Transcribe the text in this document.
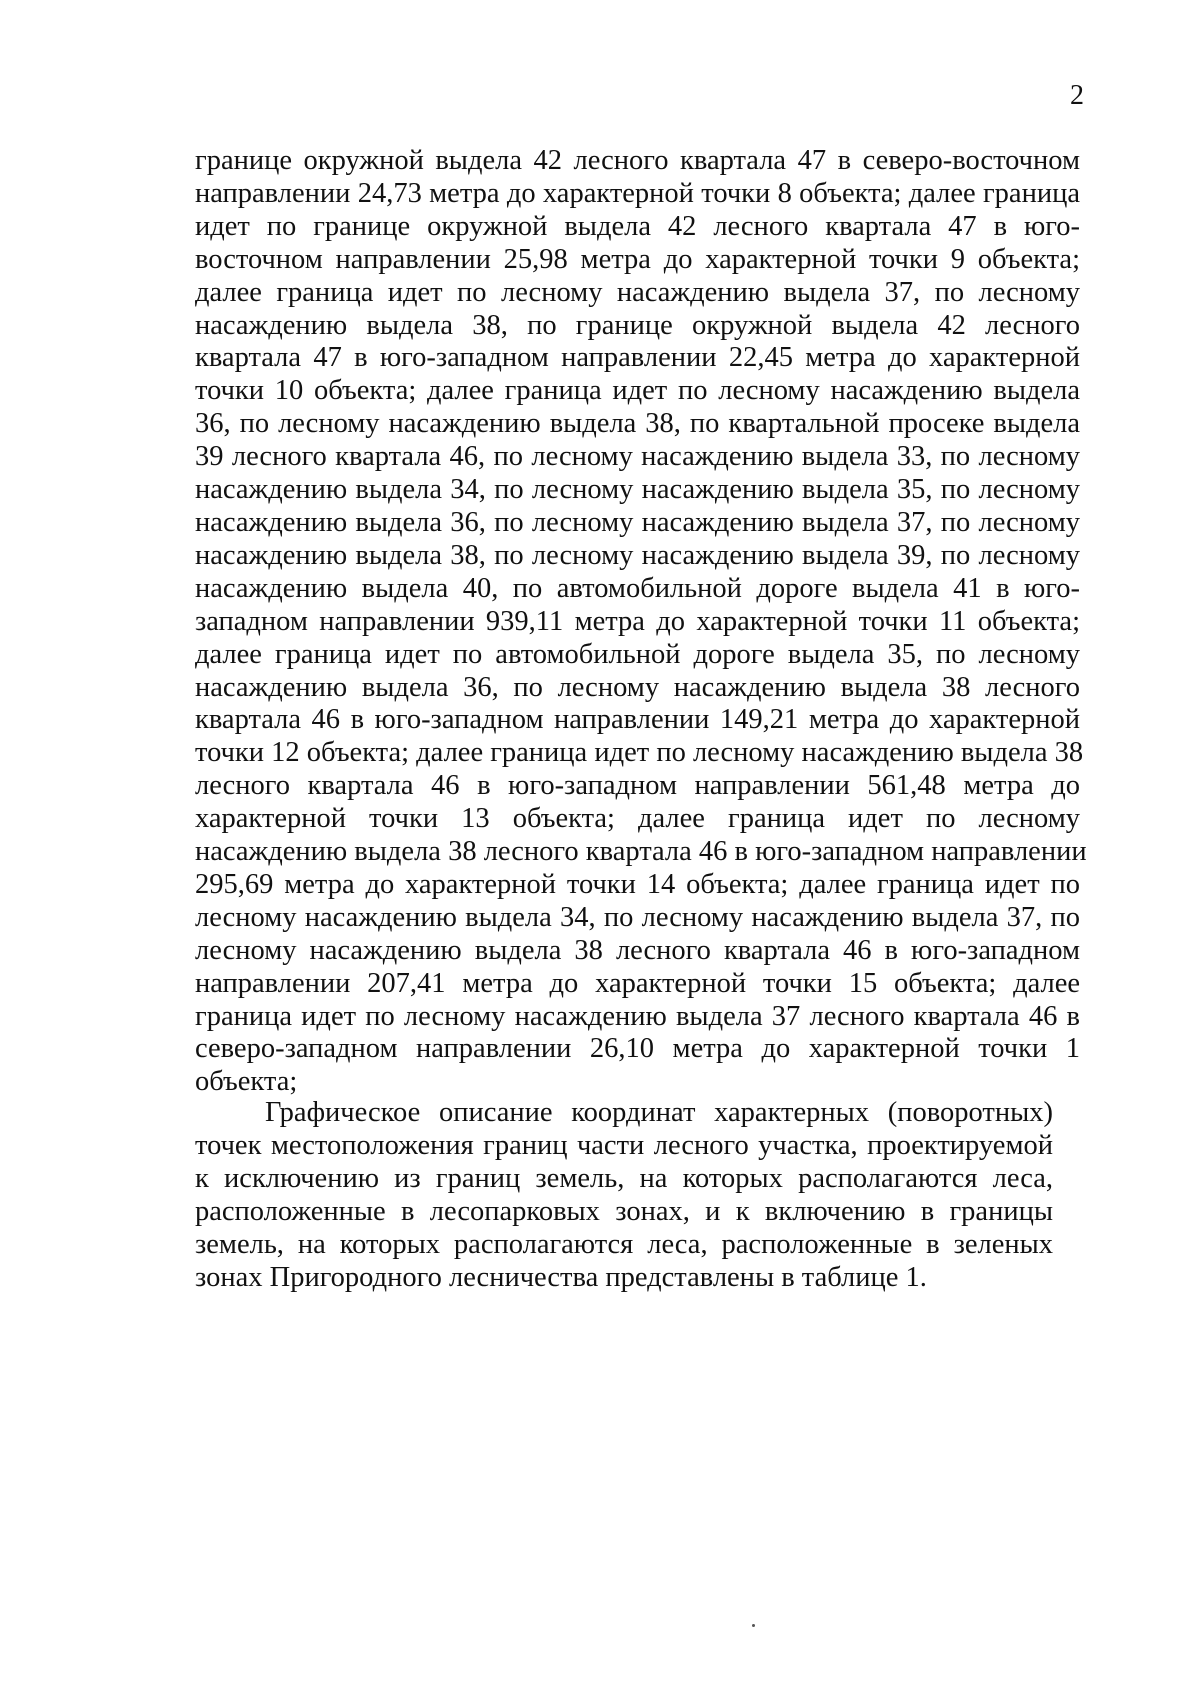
2
границе окружной выдела 42 лесного квартала 47 в северо-восточном
направлении 24,73 метра до характерной точки 8 объекта; далее граница
идет по границе окружной выдела 42 лесного квартала 47 в юго-
восточном направлении 25,98 метра до характерной точки 9 объекта;
далее граница идет по лесному насаждению выдела 37, по лесному
насаждению выдела 38, по границе окружной выдела 42 лесного
квартала 47 в юго-западном направлении 22,45 метра до характерной
точки 10 объекта; далее граница идет по лесному насаждению выдела
36, по лесному насаждению выдела 38, по квартальной просеке выдела
39 лесного квартала 46, по лесному насаждению выдела 33, по лесному
насаждению выдела 34, по лесному насаждению выдела 35, по лесному
насаждению выдела 36, по лесному насаждению выдела 37, по лесному
насаждению выдела 38, по лесному насаждению выдела 39, по лесному
насаждению выдела 40, по автомобильной дороге выдела 41 в юго-
западном направлении 939,11 метра до характерной точки 11 объекта;
далее граница идет по автомобильной дороге выдела 35, по лесному
насаждению выдела 36, по лесному насаждению выдела 38 лесного
квартала 46 в юго-западном направлении 149,21 метра до характерной
точки 12 объекта; далее граница идет по лесному насаждению выдела 38
лесного квартала 46 в юго-западном направлении 561,48 метра до
характерной точки 13 объекта; далее граница идет по лесному
насаждению выдела 38 лесного квартала 46 в юго-западном направлении
295,69 метра до характерной точки 14 объекта; далее граница идет по
лесному насаждению выдела 34, по лесному насаждению выдела 37, по
лесному насаждению выдела 38 лесного квартала 46 в юго-западном
направлении 207,41 метра до характерной точки 15 объекта; далее
граница идет по лесному насаждению выдела 37 лесного квартала 46 в
северо-западном направлении 26,10 метра до характерной точки 1
объекта;
Графическое описание координат характерных (поворотных)
точек местоположения границ части лесного участка, проектируемой
к исключению из границ земель, на которых располагаются леса,
расположенные в лесопарковых зонах, и к включению в границы
земель, на которых располагаются леса, расположенные в зеленых
зонах Пригородного лесничества представлены в таблице 1.
